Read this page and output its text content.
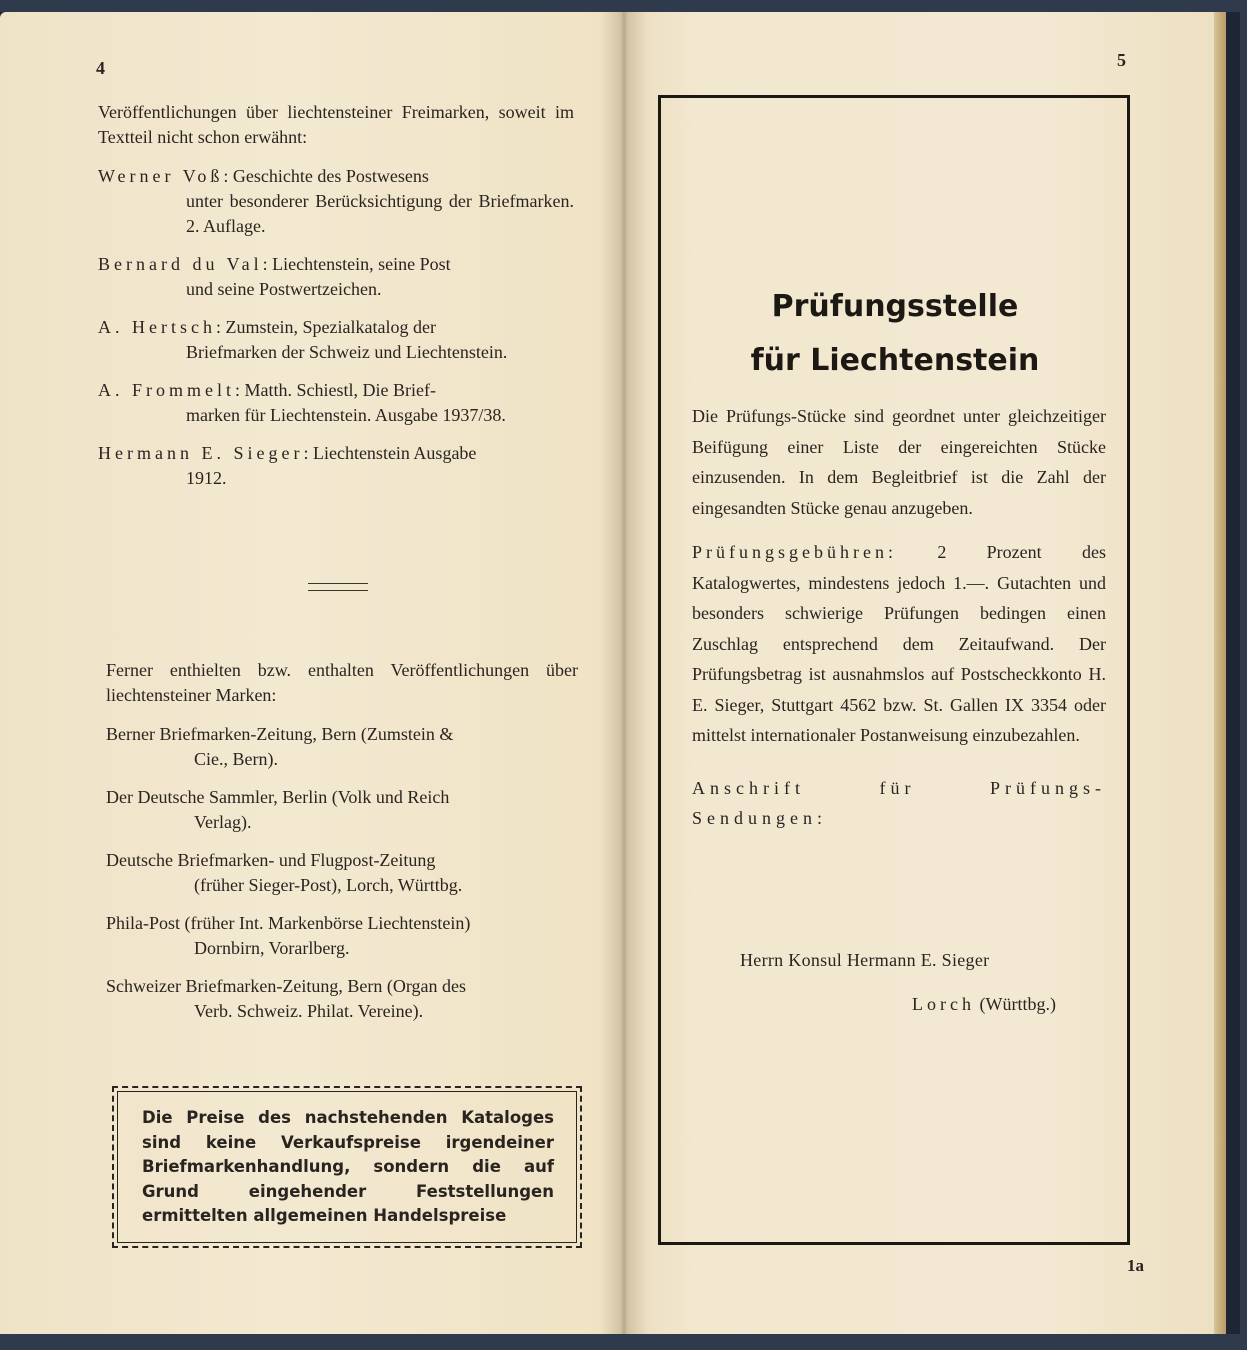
4

Veröffentlichungen über liechtensteiner Freimarken, soweit im Textteil nicht schon erwähnt:

Werner Voß: Geschichte des Postwesens
unter besonderer Berücksichtigung der Briefmarken. 2. Auflage.
Bernard du Val: Liechtenstein, seine Post
und seine Postwertzeichen.
A. Hertsch: Zumstein, Spezialkatalog der
Briefmarken der Schweiz und Liechtenstein.
A. Frommelt: Matth. Schiestl, Die Brief-
marken für Liechtenstein. Ausgabe 1937/38.
Hermann E. Sieger: Liechtenstein Ausgabe
1912.

Ferner enthielten bzw. enthalten Veröffentlichungen über liechtensteiner Marken:

Berner Briefmarken-Zeitung, Bern (Zumstein &
Cie., Bern).
Der Deutsche Sammler, Berlin (Volk und Reich
Verlag).
Deutsche Briefmarken- und Flugpost-Zeitung
(früher Sieger-Post), Lorch, Württbg.
Phila-Post (früher Int. Markenbörse Liechtenstein)
Dornbirn, Vorarlberg.
Schweizer Briefmarken-Zeitung, Bern (Organ des
Verb. Schweiz. Philat. Vereine).
Die Preise des nachstehenden Kataloges sind keine Verkaufspreise irgendeiner Briefmarkenhandlung, sondern die auf Grund eingehender Feststellungen ermittelten allgemeinen Handelspreise
5
Prüfungsstelle
für Liechtenstein

Die Prüfungs-Stücke sind geordnet unter gleichzeitiger Beifügung einer Liste der eingereichten Stücke einzusenden. In dem Begleitbrief ist die Zahl der eingesandten Stücke genau anzugeben.

Prüfungsgebühren: 2 Prozent des Katalogwertes, mindestens jedoch 1.—. Gutachten und besonders schwierige Prüfungen bedingen einen Zuschlag entsprechend dem Zeitaufwand. Der Prüfungsbetrag ist ausnahmslos auf Postscheckkonto H. E. Sieger, Stuttgart 4562 bzw. St. Gallen IX 3354 oder mittelst internationaler Postanweisung einzubezahlen.

Anschrift für Prüfungs-Sendungen:

Herrn Konsul Hermann E. Sieger
Lorch (Württbg.)
1a
